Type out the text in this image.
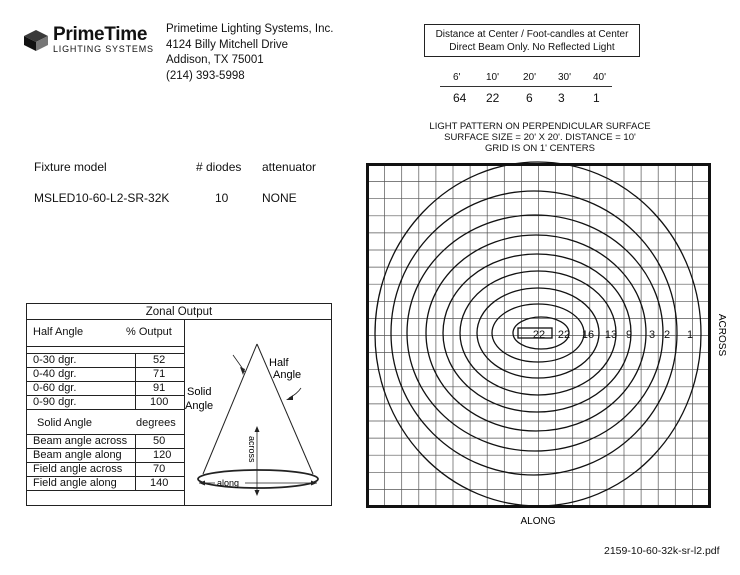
PrimeTime
LIGHTING SYSTEMS
Primetime Lighting Systems, Inc.
4124 Billy Mitchell Drive
Addison, TX 75001
(214) 393-5998
Distance at Center / Foot-candles at Center
Direct Beam Only. No Reflected Light
6'	10' 20' 30' 40'
64 22 6 3 1
LIGHT PATTERN ON PERPENDICULAR SURFACE
SURFACE SIZE = 20' X 20'. DISTANCE = 10'
GRID IS ON 1' CENTERS
Fixture model	# diodes attenuator
MSLED10-60-L2-SR-32K	10	NONE
Zonal Output
Half Angle	% Output
0-30 dgr.	52
0-40 dgr.	71
0-60 dgr.	91
0-90 dgr.	100
Solid Angle	degrees
Beam angle across 50
Beam angle along	120
Field angle across	70
Field angle along	140
Half
Angle
Solid
Angle
across
along
22 22 16 13 9 3 2 1
ALONG
ACROSS
2159-10-60-32k-sr-l2.pdf
